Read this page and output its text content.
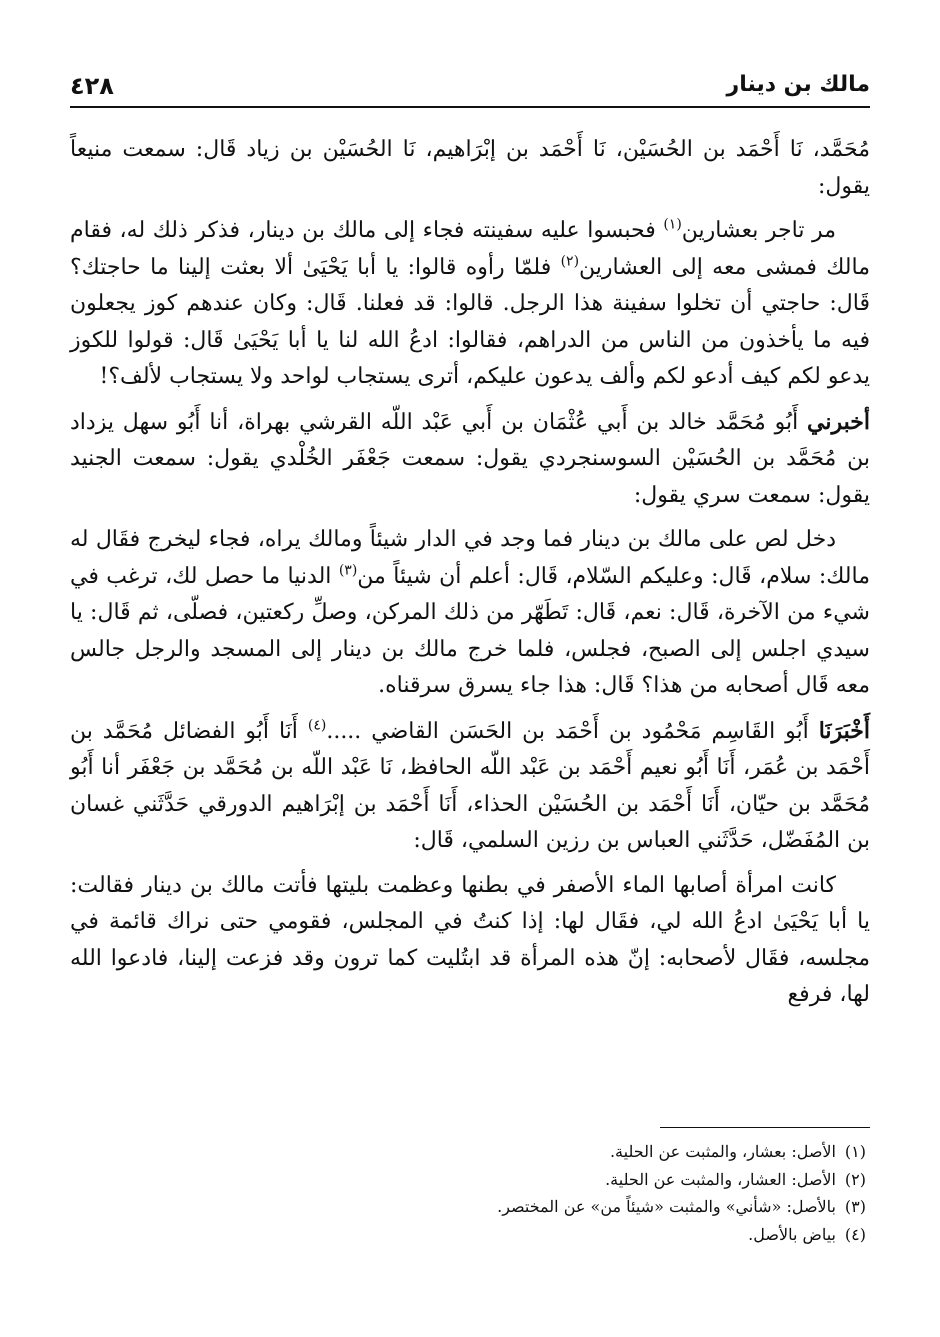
مالك بن دينار
٤٢٨

مُحَمَّد، نَا أَحْمَد بن الحُسَيْن، نَا أَحْمَد بن إبْرَاهيم، نَا الحُسَيْن بن زياد قَال: سمعت منيعاً يقول:

مر تاجر بعشارين$^{(١)}$ فحبسوا عليه سفينته فجاء إلى مالك بن دينار، فذكر ذلك له، فقام مالك فمشى معه إلى العشارين$^{(٢)}$ فلمّا رأوه قالوا: يا أبا يَحْيَىٰ ألا بعثت إلينا ما حاجتك؟ قَال: حاجتي أن تخلوا سفينة هذا الرجل. قالوا: قد فعلنا. قَال: وكان عندهم كوز يجعلون فيه ما يأخذون من الناس من الدراهم، فقالوا: ادعُ الله لنا يا أبا يَحْيَىٰ قَال: قولوا للكوز يدعو لكم كيف أدعو لكم وألف يدعون عليكم، أترى يستجاب لواحد ولا يستجاب لألف؟!

أخبرني أَبُو مُحَمَّد خالد بن أَبي عُثْمَان بن أَبي عَبْد اللّه القرشي بهراة، أنا أَبُو سهل يزداد بن مُحَمَّد بن الحُسَيْن السوسنجردي يقول: سمعت جَعْفَر الخُلْدي يقول: سمعت الجنيد يقول: سمعت سري يقول:

دخل لص على مالك بن دينار فما وجد في الدار شيئاً ومالك يراه، فجاء ليخرج فقَال له مالك: سلام، قَال: وعليكم السّلام، قَال: أعلم أن شيئاً من$^{(٣)}$ الدنيا ما حصل لك، ترغب في شيء من الآخرة، قَال: نعم، قَال: تَطَهّر من ذلك المركن، وصلِّ ركعتين، فصلّى، ثم قَال: يا سيدي اجلس إلى الصبح، فجلس، فلما خرج مالك بن دينار إلى المسجد والرجل جالس معه قَال أصحابه من هذا؟ قَال: هذا جاء يسرق سرقناه.

أَخْبَرَنَا أَبُو القَاسِم مَحْمُود بن أَحْمَد بن الحَسَن القاضي .....$^{(٤)}$ أَنَا أَبُو الفضائل مُحَمَّد بن أَحْمَد بن عُمَر، أَنَا أَبُو نعيم أَحْمَد بن عَبْد اللّه الحافظ، نَا عَبْد اللّه بن مُحَمَّد بن جَعْفَر أنا أَبُو مُحَمَّد بن حيّان، أَنَا أَحْمَد بن الحُسَيْن الحذاء، أَنَا أَحْمَد بن إبْرَاهيم الدورقي حَدَّثَني غسان بن المُفَضّل، حَدَّثَني العباس بن رزين السلمي، قَال:

كانت امرأة أصابها الماء الأصفر في بطنها وعظمت بليتها فأتت مالك بن دينار فقالت: يا أبا يَحْيَىٰ ادعُ الله لي، فقَال لها: إذا كنتُ في المجلس، فقومي حتى نراك قائمة في مجلسه، فقَال لأصحابه: إنّ هذه المرأة قد ابتُليت كما ترون وقد فزعت إلينا، فادعوا الله لها، فرفع

(١)الأصل: بعشار، والمثبت عن الحلية.
(٢)الأصل: العشار، والمثبت عن الحلية.
(٣)بالأصل: «شأني» والمثبت «شيئاً من» عن المختصر.
(٤)بياض بالأصل.
